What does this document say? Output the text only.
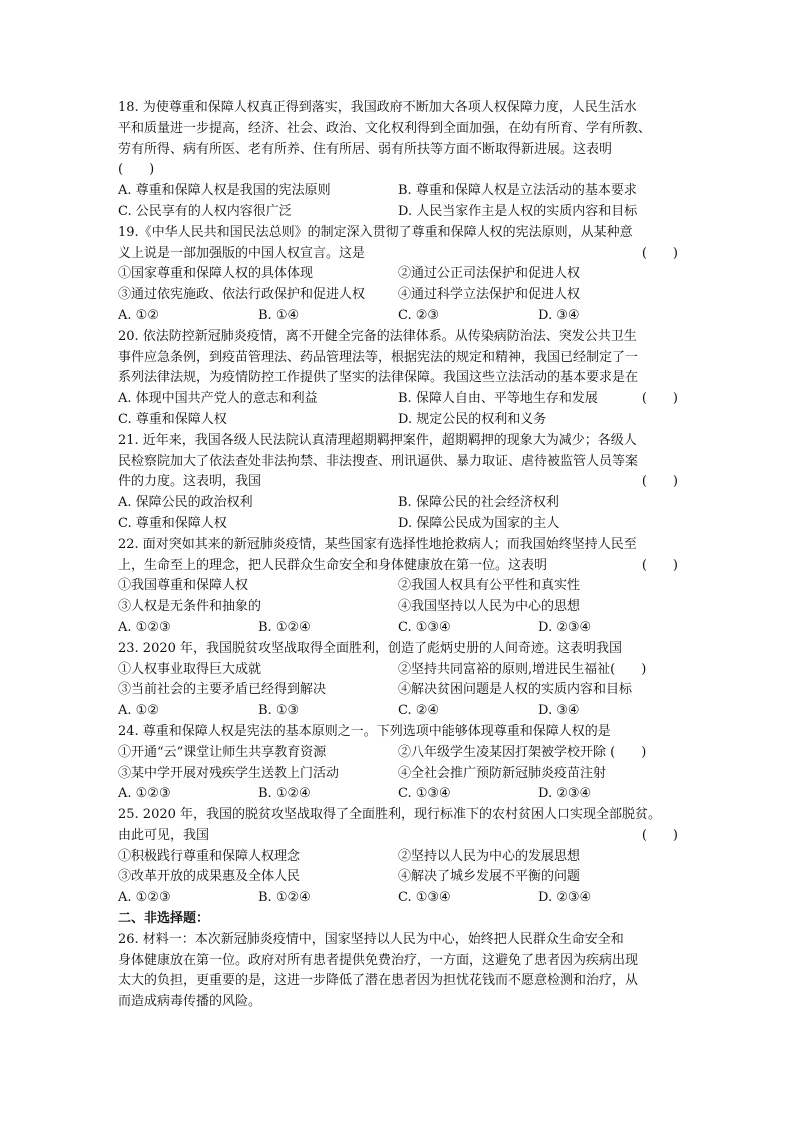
18. 为使尊重和保障人权真正得到落实，我国政府不断加大各项人权保障力度，人民生活水
平和质量进一步提高，经济、社会、政治、文化权利得到全面加强，在幼有所育、学有所教、
劳有所得、病有所医、老有所养、住有所居、弱有所扶等方面不断取得新进展。这表明
(　　)
A. 尊重和保障人权是我国的宪法原则	B. 尊重和保障人权是立法活动的基本要求
C. 公民享有的人权内容很广泛	D. 人民当家作主是人权的实质内容和目标
19.《中华人民共和国民法总则》的制定深入贯彻了尊重和保障人权的宪法原则，从某种意
义上说是一部加强版的中国人权宣言。这是	(　　)
①国家尊重和保障人权的具体体现	②通过公正司法保护和促进人权
③通过依宪施政、依法行政保护和促进人权	④通过科学立法保护和促进人权
A. ①②	B. ①④	C. ②③	D. ③④
20. 依法防控新冠肺炎疫情，离不开健全完备的法律体系。从传染病防治法、突发公共卫生
事件应急条例，到疫苗管理法、药品管理法等，根据宪法的规定和精神，我国已经制定了一
系列法律法规，为疫情防控工作提供了坚实的法律保障。我国这些立法活动的基本要求是在
A. 体现中国共产党人的意志和利益	B. 保障人自由、平等地生存和发展	(　　)
C. 尊重和保障人权	D. 规定公民的权利和义务
21. 近年来，我国各级人民法院认真清理超期羁押案件，超期羁押的现象大为减少；各级人
民检察院加大了依法查处非法拘禁、非法搜查、刑讯逼供、暴力取证、虐待被监管人员等案
件的力度。这表明，我国	(　　)
A. 保障公民的政治权利	B. 保障公民的社会经济权利
C. 尊重和保障人权	D. 保障公民成为国家的主人
22. 面对突如其来的新冠肺炎疫情，某些国家有选择性地抢救病人；而我国始终坚持人民至
上，生命至上的理念，把人民群众生命安全和身体健康放在第一位。这表明	(　　)
①我国尊重和保障人权	②我国人权具有公平性和真实性
③人权是无条件和抽象的	④我国坚持以人民为中心的思想
A. ①②③	B. ①②④	C. ①③④	D. ②③④
23. 2020 年，我国脱贫攻坚战取得全面胜利，创造了彪炳史册的人间奇迹。这表明我国
①人权事业取得巨大成就	②坚持共同富裕的原则,增进民生福祉(　　)
③当前社会的主要矛盾已经得到解决	④解决贫困问题是人权的实质内容和目标
A. ①②	B. ①③	C. ②④	D. ③④
24. 尊重和保障人权是宪法的基本原则之一。下列选项中能够体现尊重和保障人权的是
①开通“云”课堂让师生共享教育资源	②八年级学生凌某因打架被学校开除 (　　)
③某中学开展对残疾学生送教上门活动	④全社会推广预防新冠肺炎疫苗注射
A. ①②③	B. ①②④	C. ①③④	D. ②③④
25. 2020 年，我国的脱贫攻坚战取得了全面胜利，现行标准下的农村贫困人口实现全部脱贫。
由此可见，我国	(　　)
①积极践行尊重和保障人权理念	②坚持以人民为中心的发展思想
③改革开放的成果惠及全体人民	④解决了城乡发展不平衡的问题
A. ①②③	B. ①②④	C. ①③④	D. ②③④
二、非选择题：
26. 材料一：本次新冠肺炎疫情中，国家坚持以人民为中心，始终把人民群众生命安全和
身体健康放在第一位。政府对所有患者提供免费治疗，一方面，这避免了患者因为疾病出现
太大的负担，更重要的是，这进一步降低了潜在患者因为担忧花钱而不愿意检测和治疗，从
而造成病毒传播的风险。
